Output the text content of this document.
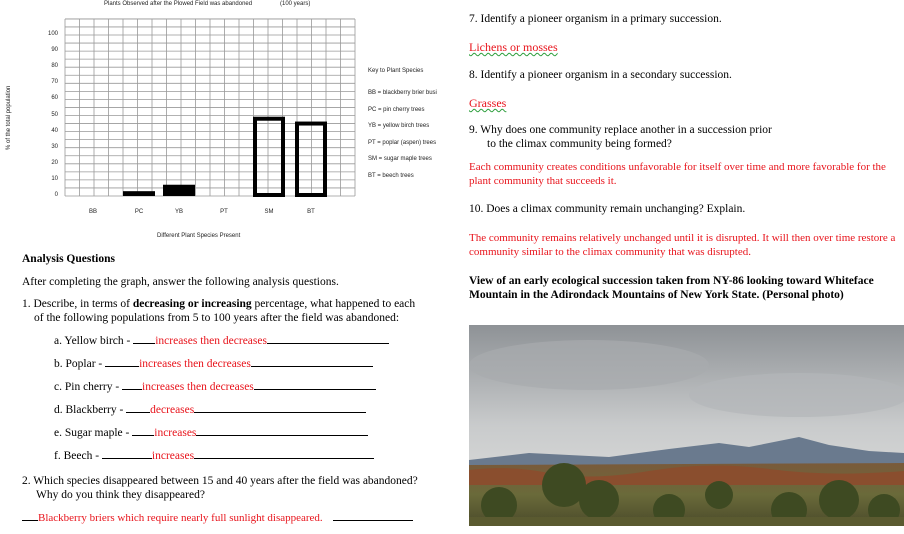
Plants Observed after the Plowed Field was abandoned	(100 years)
% of the total population
Different Plant Species Present
0
10
20
30
40
50
60
70
80
90
100
BB	PC	YB	PT	SM	BT
Key to Plant Species
BB = blackberry brier busi
PC = pin cherry trees
YB = yellow birch trees
PT = poplar (aspen) trees
SM = sugar maple trees
BT = beech trees
Analysis Questions
After completing the graph, answer the following analysis questions.
1. Describe, in terms of decreasing or increasing percentage, what happened to each
of the following populations from 5 to 100 years after the field was abandoned:
a. Yellow birch - increases then decreases
b. Poplar -	increases then decreases
c. Pin cherry - increases then decreases
d. Blackberry - decreases
e. Sugar maple - increases
f. Beech -	increases
2. Which species disappeared between 15 and 40 years after the field was abandoned?
Why do you think they disappeared?
Blackberry briers which require nearly full sunlight disappeared.
7. Identify a pioneer organism in a primary succession.
Lichens or mosses
8. Identify a pioneer organism in a secondary succession.
Grasses
9. Why does one community replace another in a succession prior
to the climax community being formed?
Each community creates conditions unfavorable for itself over time and more favorable for the plant community that succeeds it.
10. Does a climax community remain unchanging? Explain.
The community remains relatively unchanged until it is disrupted. It will then over time restore a community similar to the climax community that was disrupted.
View of an early ecological succession taken from NY-86 looking toward Whiteface Mountain in the Adirondack Mountains of New York State. (Personal photo)
